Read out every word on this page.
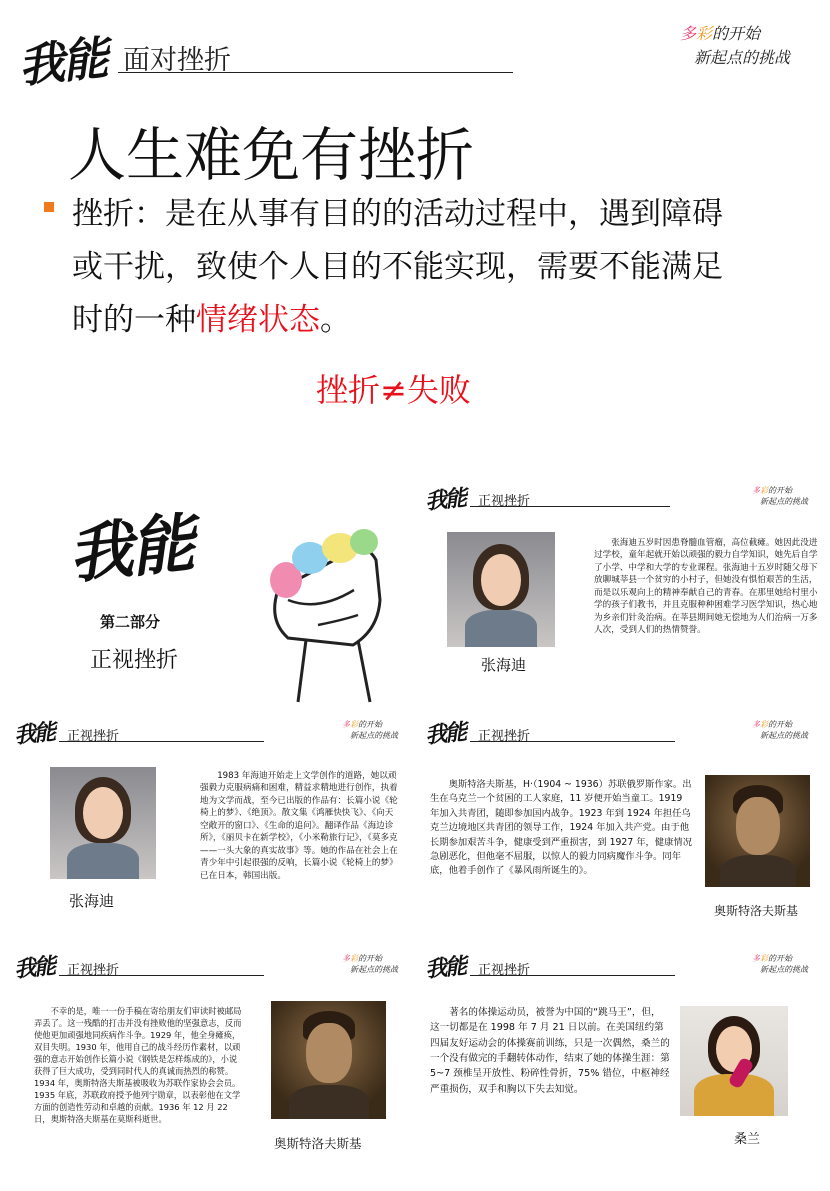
我能 面对挫折
多彩的开始
新起点的挑战
人生难免有挫折
挫折：是在从事有目的的活动过程中，遇到障碍
或干扰，致使个人目的不能实现，需要不能满足
时的一种情绪状态。
挫折≠失败
我能
第二部分
正视挫折
我能 正视挫折
多彩的开始
新起点的挑战
张海迪
张海迪五岁时因患脊髓血管瘤，高位截瘫。她因此没进过学校，童年起就开始以顽强的毅力自学知识，她先后自学了小学、中学和大学的专业课程。张海迪十五岁时随父母下放聊城莘县一个贫穷的小村子，但她没有惧怕艰苦的生活，而是以乐观向上的精神奉献自己的青春。在那里她给村里小学的孩子们教书，并且克服种种困难学习医学知识，热心地为乡亲们针灸治病。在莘县期间她无偿地为人们治病一万多人次，受到人们的热情赞誉。
我能 正视挫折
多彩的开始
新起点的挑战
张海迪
1983 年海迪开始走上文学创作的道路，她以顽强毅力克服病痛和困难，精益求精地进行创作，执着地为文学而战，至今已出版的作品有：长篇小说《轮椅上的梦》、《绝顶》。散文集《鸿雁快快飞》、《向天空敞开的窗口》、《生命的追问》。翻译作品《海边诊所》，《丽贝卡在新学校》，《小米勒旅行记》，《莫多克——一头大象的真实故事》等。她的作品在社会上在青少年中引起很强的反响，长篇小说《轮椅上的梦》已在日本，韩国出版。
我能 正视挫折
多彩的开始
新起点的挑战
奥斯特洛夫斯基，Н·（1904 ~ 1936）苏联俄罗斯作家。出生在乌克兰一个贫困的工人家庭，11 岁便开始当童工。1919 年加入共青团，随即参加国内战争。1923 年到 1924 年担任乌克兰边境地区共青团的领导工作，1924 年加入共产党。由于他长期参加艰苦斗争，健康受到严重损害，到 1927 年，健康情况急剧恶化，但他毫不屈服，以惊人的毅力同病魔作斗争。同年底，他着手创作了《暴风雨所诞生的》。
奥斯特洛夫斯基
我能 正视挫折
多彩的开始
新起点的挑战
不幸的是，唯一一份手稿在寄给朋友们审读时被邮局弄丢了。这一残酷的打击并没有挫败他的坚强意志，反而使他更加顽强地同疾病作斗争。1929 年，他全身瘫痪，双目失明。1930 年，他用自己的战斗经历作素材，以顽强的意志开始创作长篇小说《钢铁是怎样炼成的》，小说获得了巨大成功，受到同时代人的真诚而热烈的称赞。1934 年，奥斯特洛夫斯基被吸收为苏联作家协会会员。1935 年底，苏联政府授予他列宁勋章，以表彰他在文学方面的创造性劳动和卓越的贡献。1936 年 12 月 22 日，奥斯特洛夫斯基在莫斯科逝世。
奥斯特洛夫斯基
我能 正视挫折
多彩的开始
新起点的挑战
著名的体操运动员，被誉为中国的“跳马王”，但，这一切都是在 1998 年 7 月 21 日以前。在美国纽约第四届友好运动会的体操赛前训练，只是一次偶然，桑兰的一个没有做完的手翻转体动作，结束了她的体操生涯：第 5~7 颈椎呈开放性、粉碎性骨折，75% 错位，中枢神经严重损伤，双手和胸以下失去知觉。
桑兰
